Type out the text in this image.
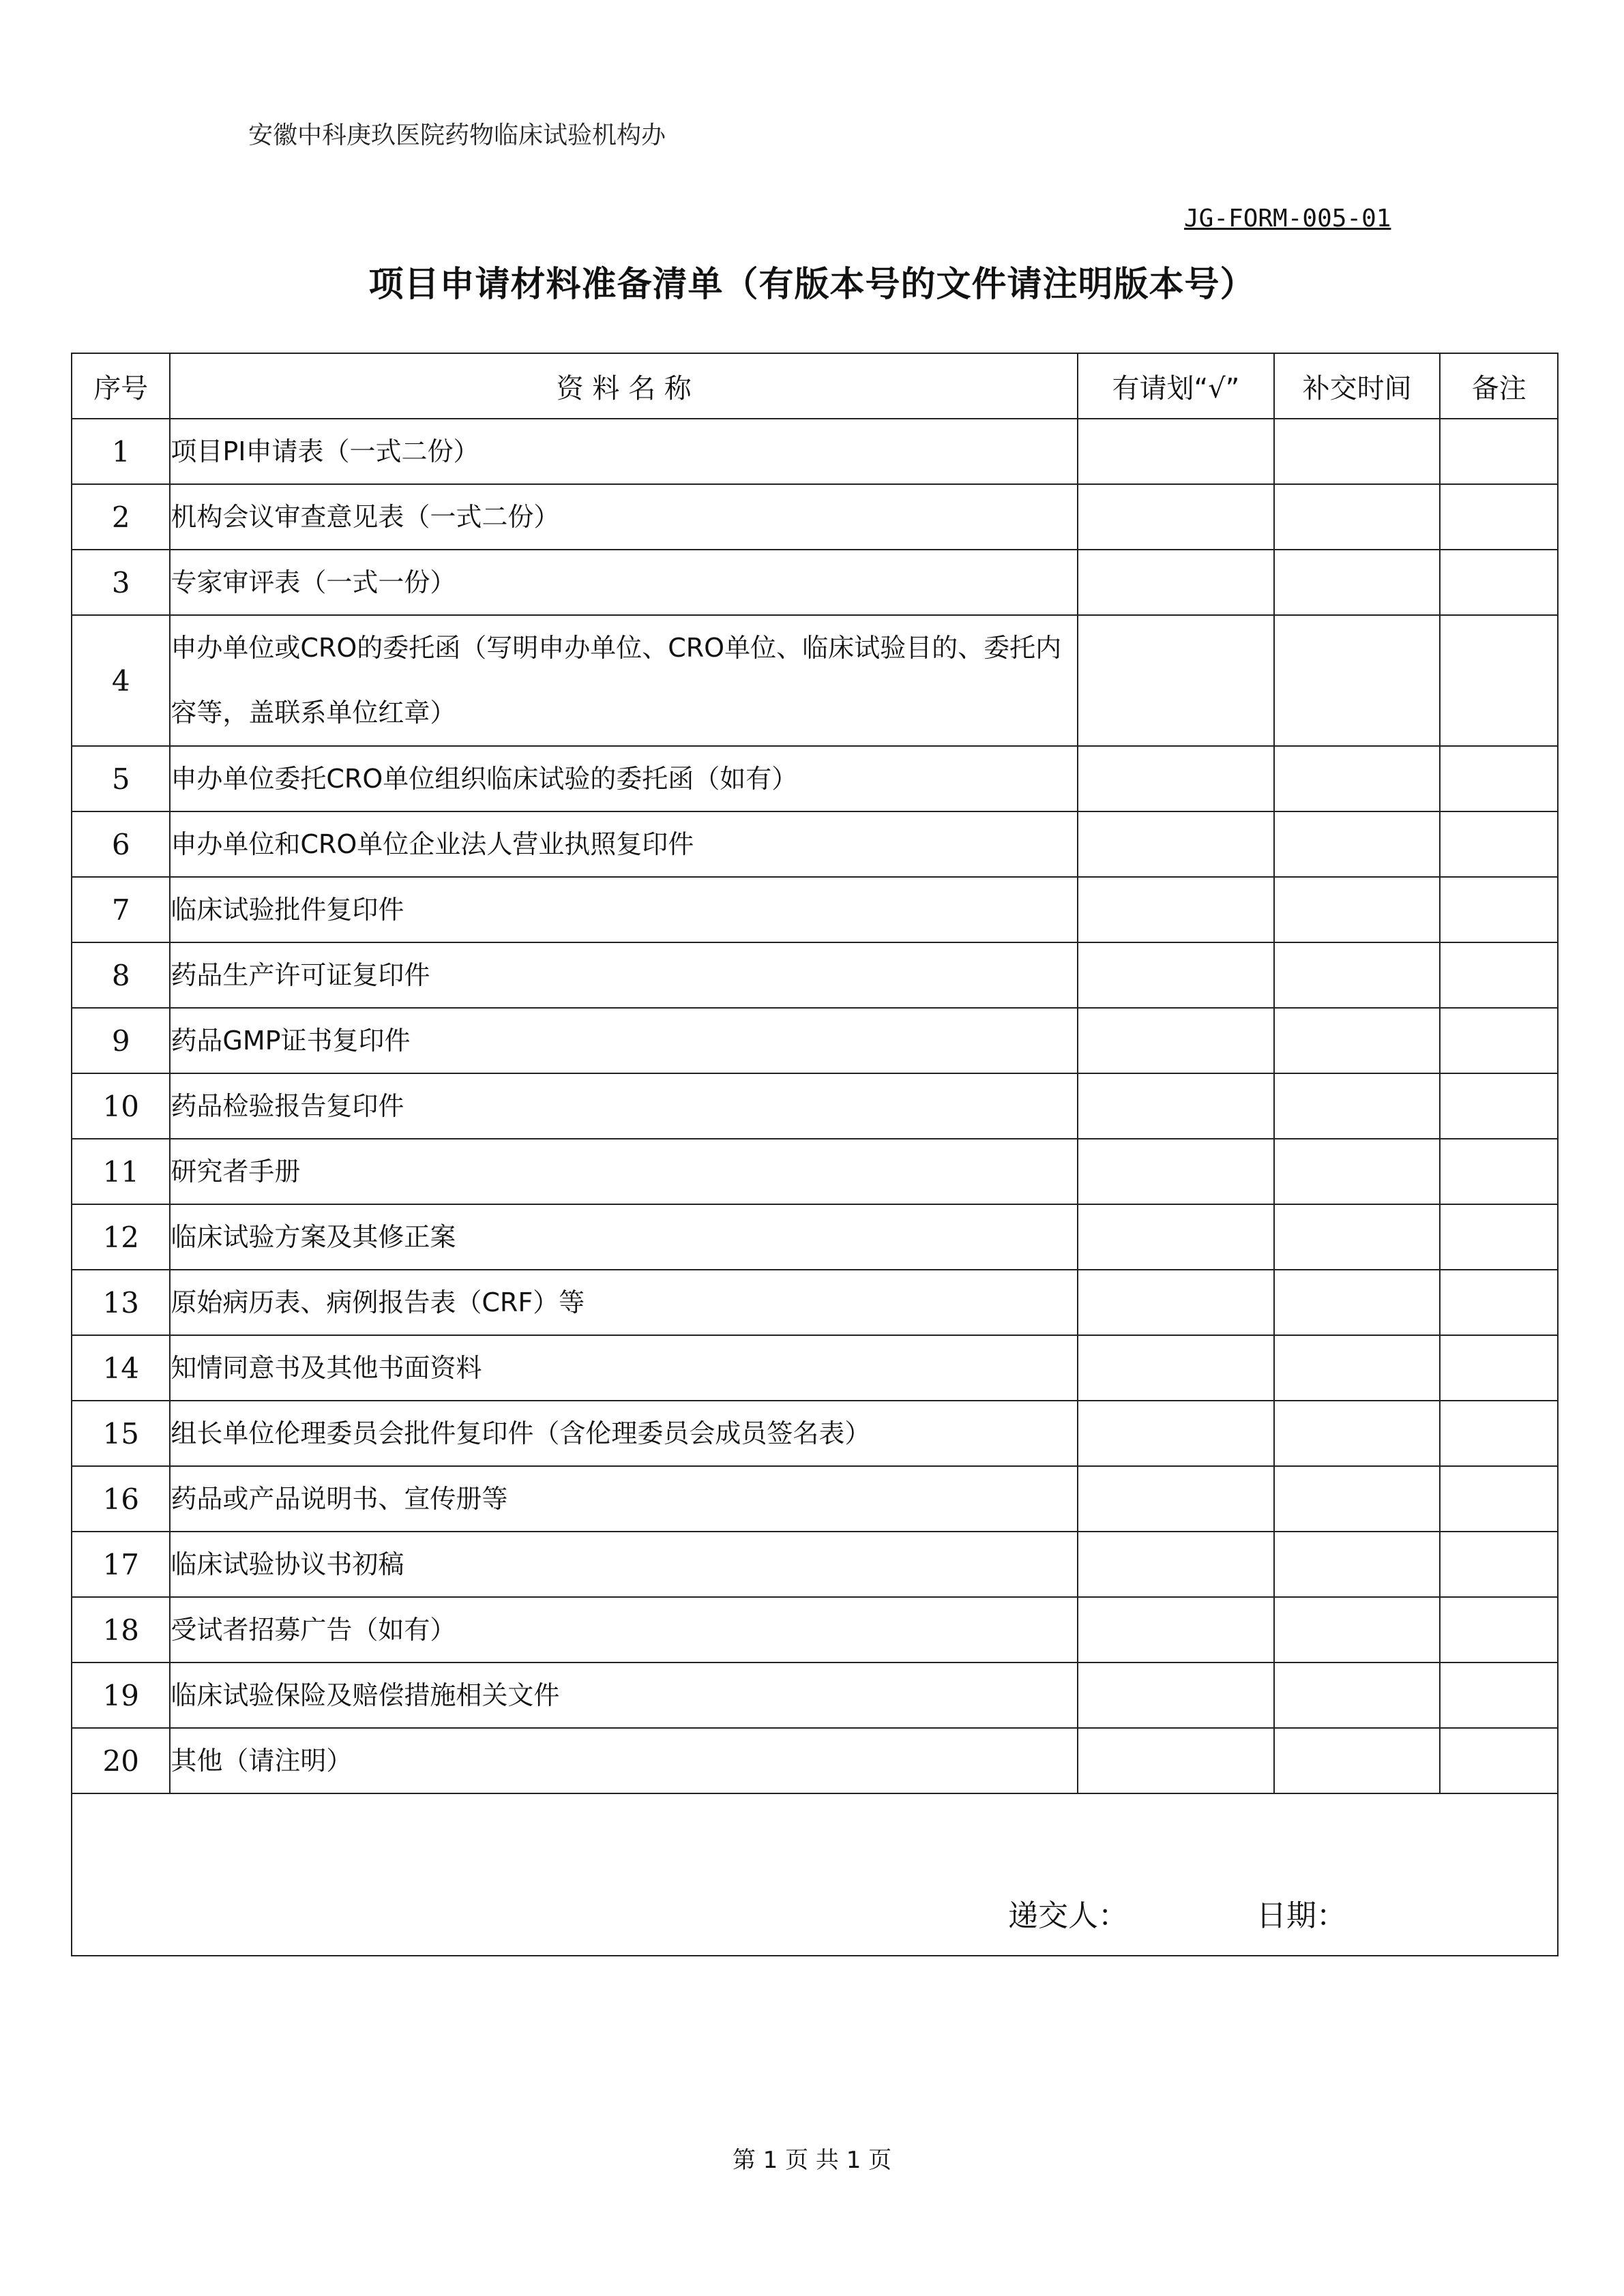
安徽中科庚玖医院药物临床试验机构办
JG-FORM-005-01
项目申请材料准备清单（有版本号的文件请注明版本号）
序号	资 料 名 称	有请划“√”	补交时间	备注
1	项目PI申请表（一式二份）			
2	机构会议审查意见表（一式二份）			
3	专家审评表（一式一份）			
4	申办单位或CRO的委托函（写明申办单位、CRO单位、临床试验目的、委托内容等，盖联系单位红章）			
5	申办单位委托CRO单位组织临床试验的委托函（如有）			
6	申办单位和CRO单位企业法人营业执照复印件			
7	临床试验批件复印件			
8	药品生产许可证复印件			
9	药品GMP证书复印件			
10	药品检验报告复印件			
11	研究者手册			
12	临床试验方案及其修正案			
13	原始病历表、病例报告表（CRF）等			
14	知情同意书及其他书面资料			
15	组长单位伦理委员会批件复印件（含伦理委员会成员签名表）			
16	药品或产品说明书、宣传册等			
17	临床试验协议书初稿			
18	受试者招募广告（如有）			
19	临床试验保险及赔偿措施相关文件			
20	其他（请注明）			

递交人： 日期：				
第 1 页 共 1 页
